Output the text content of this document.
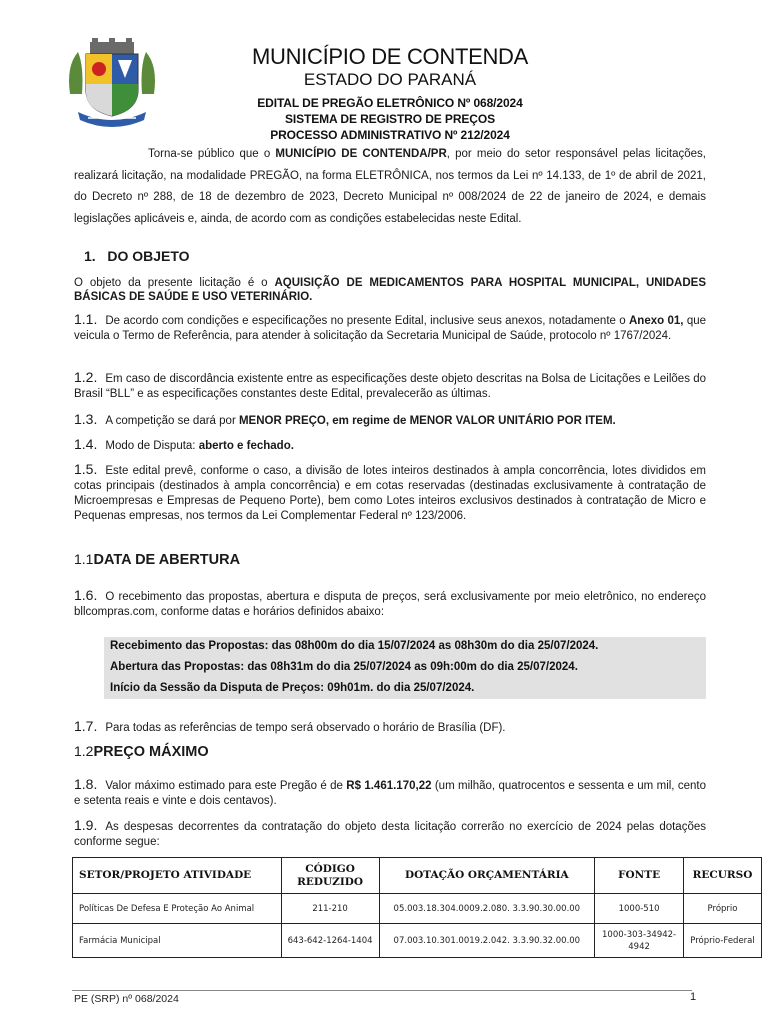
MUNICÍPIO DE CONTENDA
ESTADO DO PARANÁ
EDITAL DE PREGÃO ELETRÔNICO Nº 068/2024
SISTEMA DE REGISTRO DE PREÇOS
PROCESSO ADMINISTRATIVO Nº 212/2024

Torna-se público que o MUNICÍPIO DE CONTENDA/PR, por meio do setor responsável pelas licitações, realizará licitação, na modalidade PREGÃO, na forma ELETRÔNICA, nos termos da Lei nº 14.133, de 1º de abril de 2021, do Decreto nº 288, de 18 de dezembro de 2023, Decreto Municipal nº 008/2024 de 22 de janeiro de 2024, e demais legislações aplicáveis e, ainda, de acordo com as condições estabelecidas neste Edital.

1. DO OBJETO

O objeto da presente licitação é o AQUISIÇÃO DE MEDICAMENTOS PARA HOSPITAL MUNICIPAL, UNIDADES BÁSICAS DE SAÚDE E USO VETERINÁRIO.

1.1. De acordo com condições e especificações no presente Edital, inclusive seus anexos, notadamente o Anexo 01, que veicula o Termo de Referência, para atender à solicitação da Secretaria Municipal de Saúde, protocolo nº 1767/2024.

1.2. Em caso de discordância existente entre as especificações deste objeto descritas na Bolsa de Licitações e Leilões do Brasil “BLL” e as especificações constantes deste Edital, prevalecerão as últimas.

1.3. A competição se dará por MENOR PREÇO, em regime de MENOR VALOR UNITÁRIO POR ITEM.

1.4. Modo de Disputa: aberto e fechado.

1.5. Este edital prevê, conforme o caso, a divisão de lotes inteiros destinados à ampla concorrência, lotes divididos em cotas principais (destinados à ampla concorrência) e em cotas reservadas (destinadas exclusivamente à contratação de Microempresas e Empresas de Pequeno Porte), bem como Lotes inteiros exclusivos destinados à contratação de Micro e Pequenas empresas, nos termos da Lei Complementar Federal nº 123/2006.

1.1DATA DE ABERTURA

1.6. O recebimento das propostas, abertura e disputa de preços, será exclusivamente por meio eletrônico, no endereço bllcompras.com, conforme datas e horários definidos abaixo:

Recebimento das Propostas: das 08h00m do dia 15/07/2024 as 08h30m do dia 25/07/2024.
Abertura das Propostas: das 08h31m do dia 25/07/2024 as 09h:00m do dia 25/07/2024.
Início da Sessão da Disputa de Preços: 09h01m. do dia 25/07/2024.

1.7. Para todas as referências de tempo será observado o horário de Brasília (DF).

1.2PREÇO MÁXIMO

1.8. Valor máximo estimado para este Pregão é de R$ 1.461.170,22 (um milhão, quatrocentos e sessenta e um mil, cento e setenta reais e vinte e dois centavos).

1.9. As despesas decorrentes da contratação do objeto desta licitação correrão no exercício de 2024 pelas dotações conforme segue:

SETOR/PROJETO ATIVIDADE	CÓDIGO REDUZIDO	DOTAÇÃO ORÇAMENTÁRIA	FONTE	RECURSO
Políticas De Defesa E Proteção Ao Animal	211-210	05.003.18.304.0009.2.080. 3.3.90.30.00.00	1000-510	Próprio
Farmácia Municipal	643-642-1264-1404	07.003.10.301.0019.2.042. 3.3.90.32.00.00	1000-303-34942-4942	Próprio-Federal
PE (SRP) nº 068/2024	1
